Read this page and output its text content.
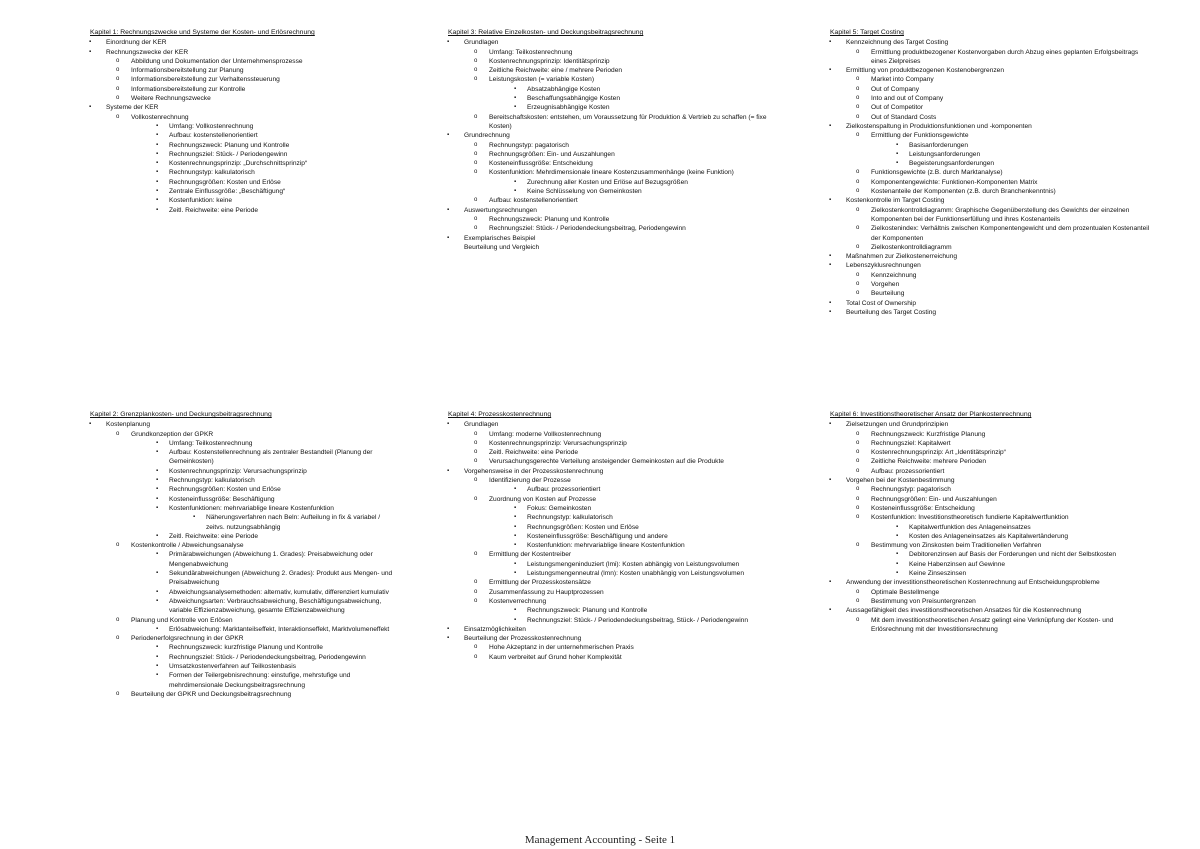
Kapitel 1: Rechnungszwecke und Systeme der Kosten- und Erlösrechnung
▪ Einordnung der KER
▪ Rechnungszwecke der KER
o Abbildung und Dokumentation der Unternehmensprozesse
o Informationsbereitstellung zur Planung
o Informationsbereitstellung zur Verhaltenssteuerung
o Informationsbereitstellung zur Kontrolle
o Weitere Rechnungszwecke
▪ Systeme der KER
o Vollkostenrechnung
▪ Umfang: Vollkostenrechnung
▪ Aufbau: kostenstellenorientiert
▪ Rechnungszweck: Planung und Kontrolle
▪ Rechnungsziel: Stück- / Periodengewinn
▪ Kostenrechnungsprinzip: „Durchschnittsprinzip“
▪ Rechnungstyp: kalkulatorisch
▪ Rechnungsgrößen: Kosten und Erlöse
▪ Zentrale Einflussgröße: „Beschäftigung“
▪ Kostenfunktion: keine
▪ Zeitl. Reichweite: eine Periode
Kapitel 3: Relative Einzelkosten- und Deckungsbeitragsrechnung
▪ Grundlagen
o Umfang: Teilkostenrechnung
o Kostenrechnungsprinzip: Identitätsprinzip
o Zeitliche Reichweite: eine / mehrere Perioden
o Leistungskosten (= variable Kosten)
▪ Absatzabhängige Kosten
▪ Beschaffungsabhängige Kosten
▪ Erzeugnisabhängige Kosten
o Bereitschaftskosten: entstehen, um Voraussetzung für Produktion & Vertrieb zu schaffen (= fixe Kosten)
▪ Grundrechnung
o Rechnungstyp: pagatorisch
o Rechnungsgrößen: Ein- und Auszahlungen
o Kosteneinflussgröße: Entscheidung
o Kostenfunktion: Mehrdimensionale lineare Kostenzusammenhänge (keine Funktion)
▪ Zurechnung aller Kosten und Erlöse auf Bezugsgrößen
▪ Keine Schlüsselung von Gemeinkosten
o Aufbau: kostenstellenorientiert
▪ Auswertungsrechnungen
o Rechnungszweck: Planung und Kontrolle
o Rechnungsziel: Stück- / Periodendeckungsbeitrag, Periodengewinn
▪ Exemplarisches Beispiel
Beurteilung und Vergleich
Kapitel 5: Target Costing
▪ Kennzeichnung des Target Costing
o Ermittlung produktbezogener Kostenvorgaben durch Abzug eines geplanten Erfolgsbeitrags eines Zielpreises
▪ Ermittlung von produktbezogenen Kostenobergrenzen
o Market into Company
o Out of Company
o Into and out of Company
o Out of Competitor
o Out of Standard Costs
▪ Zielkostenspaltung in Produktionsfunktionen und -komponenten
o Ermittlung der Funktionsgewichte
▪ Basisanforderungen
▪ Leistungsanforderungen
▪ Begeisterungsanforderungen
o Funktionsgewichte (z.B. durch Marktanalyse)
o Komponentengewichte: Funktionen-Komponenten Matrix
o Kostenanteile der Komponenten (z.B. durch Branchenkenntnis)
▪ Kostenkontrolle im Target Costing
o Zielkostenkontrolldiagramm: Graphische Gegenüberstellung des Gewichts der einzelnen Komponenten bei der Funktionserfüllung und ihres Kostenanteils
o Zielkostenindex: Verhältnis zwischen Komponentengewicht und dem prozentualen Kostenanteil der Komponenten
o Zielkostenkontrolldiagramm
▪ Maßnahmen zur Zielkostenerreichung
▪ Lebenszyklusrechnungen
o Kennzeichnung
o Vorgehen
o Beurteilung
▪ Total Cost of Ownership
▪ Beurteilung des Target Costing
Kapitel 2: Grenzplankosten- und Deckungsbeitragsrechnung
▪ Kostenplanung
o Grundkonzeption der GPKR
▪ Umfang: Teilkostenrechnung
▪ Aufbau: Kostenstellenrechnung als zentraler Bestandteil (Planung der Gemeinkosten)
▪ Kostenrechnungsprinzip: Verursachungsprinzip
▪ Rechnungstyp: kalkulatorisch
▪ Rechnungsgrößen: Kosten und Erlöse
▪ Kosteneinflussgröße: Beschäftigung
▪ Kostenfunktionen: mehrvariablige lineare Kostenfunktion
▪ Näherungsverfahren nach Beln: Aufteilung in fix & variabel / zeitvs. nutzungsabhängig
▪ Zeitl. Reichweite: eine Periode
o Kostenkontrolle / Abweichungsanalyse
▪ Primärabweichungen (Abweichung 1. Grades): Preisabweichung oder Mengenabweichung
▪ Sekundärabweichungen (Abweichung 2. Grades): Produkt aus Mengen- und Preisabweichung
▪ Abweichungsanalysemethoden: alternativ, kumulativ, differenziert kumulativ
▪ Abweichungsarten: Verbrauchsabweichung, Beschäftigungsabweichung, variable Effizienzabweichung, gesamte Effizienzabweichung
o Planung und Kontrolle von Erlösen
▪ Erlösabweichung: Marktanteilseffekt, Interaktionseffekt, Marktvolumeneffekt
o Periodenerfolgsrechnung in der GPKR
▪ Rechnungszweck: kurzfristige Planung und Kontrolle
▪ Rechnungsziel: Stück- / Periodendeckungsbeitrag, Periodengewinn
▪ Umsatzkostenverfahren auf Teilkostenbasis
▪ Formen der Teilergebnisrechnung: einstufige, mehrstufige und mehrdimensionale Deckungsbeitragsrechnung
o Beurteilung der GPKR und Deckungsbeitragsrechnung
Kapitel 4: Prozesskostenrechnung
▪ Grundlagen
o Umfang: moderne Vollkostenrechnung
o Kostenrechnungsprinzip: Verursachungsprinzip
o Zeitl. Reichweite: eine Periode
o Verursachungsgerechte Verteilung ansteigender Gemeinkosten auf die Produkte
▪ Vorgehensweise in der Prozesskostenrechnung
o Identifizierung der Prozesse
▪ Aufbau: prozessorientiert
o Zuordnung von Kosten auf Prozesse
▪ Fokus: Gemeinkosten
▪ Rechnungstyp: kalkulatorisch
▪ Rechnungsgrößen: Kosten und Erlöse
▪ Kosteneinflussgröße: Beschäftigung und andere
▪ Kostenfunktion: mehrvariablige lineare Kostenfunktion
o Ermittlung der Kostentreiber
▪ Leistungsmengeninduziert (lmi): Kosten abhängig von Leistungsvolumen
▪ Leistungsmengenneutral (lmn): Kosten unabhängig von Leistungsvolumen
o Ermittlung der Prozesskostensätze
o Zusammenfassung zu Hauptprozessen
o Kostenverrechnung
▪ Rechnungszweck: Planung und Kontrolle
▪ Rechnungsziel: Stück- / Periodendeckungsbeitrag, Stück- / Periodengewinn
▪ Einsatzmöglichkeiten
▪ Beurteilung der Prozesskostenrechnung
o Hohe Akzeptanz in der unternehmerischen Praxis
o Kaum verbreitet auf Grund hoher Komplexität
Kapitel 6: Investitionstheoretischer Ansatz der Plankostenrechnung
▪ Zielsetzungen und Grundprinzipien
o Rechnungszweck: Kurzfristige Planung
o Rechnungsziel: Kapitalwert
o Kostenrechnungsprinzip: Art „Identitätsprinzip“
o Zeitliche Reichweite: mehrere Perioden
o Aufbau: prozessorientiert
▪ Vorgehen bei der Kostenbestimmung
o Rechnungstyp: pagatorisch
o Rechnungsgrößen: Ein- und Auszahlungen
o Kosteneinflussgröße: Entscheidung
o Kostenfunktion: Investitionstheoretisch fundierte Kapitalwertfunktion
▪ Kapitalwertfunktion des Anlageneinsatzes
▪ Kosten des Anlageneinsatzes als Kapitalwertänderung
o Bestimmung von Zinskosten beim Traditionellen Verfahren
▪ Debitorenzinsen auf Basis der Forderungen und nicht der Selbstkosten
▪ Keine Habenzinsen auf Gewinne
▪ Keine Zinseszinsen
▪ Anwendung der investitionstheoretischen Kostenrechnung auf Entscheidungsprobleme
o Optimale Bestellmenge
o Bestimmung von Preisuntergrenzen
▪ Aussagefähigkeit des investitionstheoretischen Ansatzes für die Kostenrechnung
o Mit dem investitionstheoretischen Ansatz gelingt eine Verknüpfung der Kosten- und Erlösrechnung mit der Investitionsrechnung
Management Accounting - Seite 1
